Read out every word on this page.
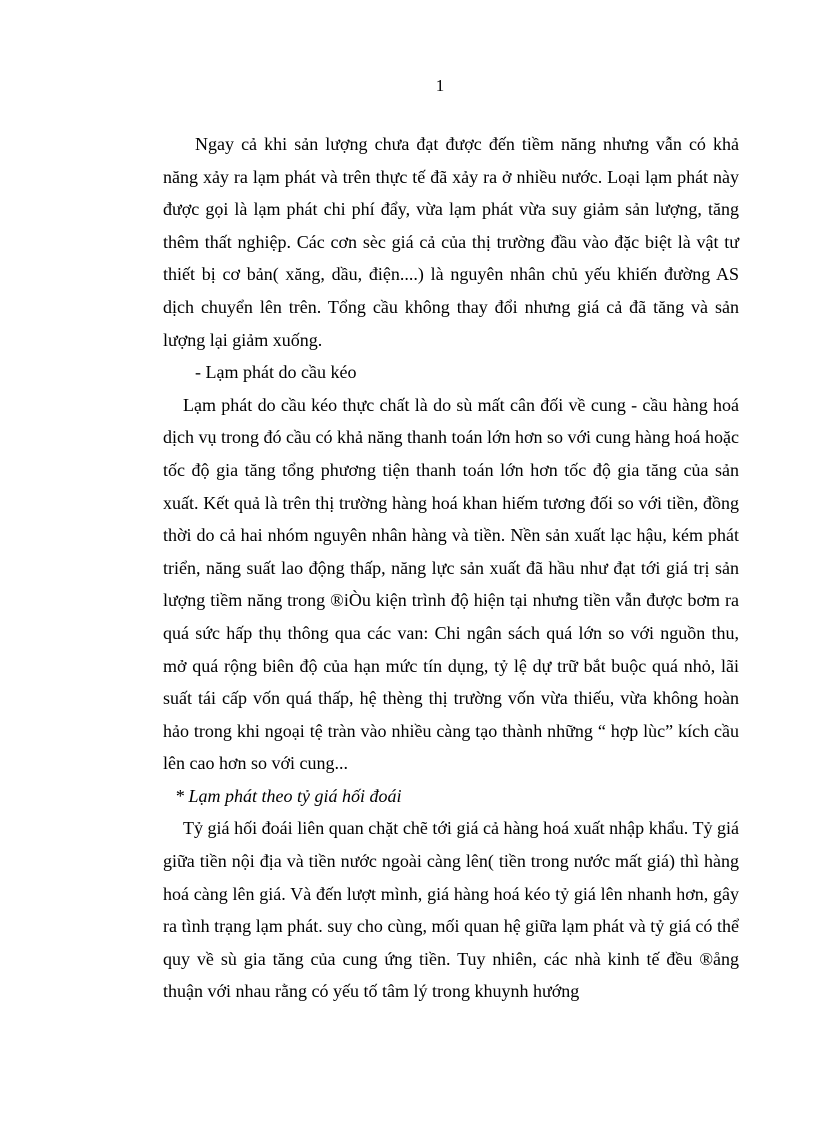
1

Ngay cả khi sản lượng chưa đạt được đến tiềm năng nhưng vẫn có khả năng xảy ra lạm phát và trên thực tế đã xảy ra ở nhiều nước. Loại lạm phát này được gọi là lạm phát chi phí đẩy, vừa lạm phát vừa suy giảm sản lượng, tăng thêm thất nghiệp. Các cơn sèc giá cả của thị trường đầu vào đặc biệt là vật tư thiết bị cơ bản( xăng, dầu, điện....) là nguyên nhân chủ yếu khiến đường AS dịch chuyển lên trên. Tổng cầu không thay đổi nhưng giá cả đã tăng và sản lượng lại giảm xuống.

- Lạm phát do cầu kéo

Lạm phát do cầu kéo thực chất là do sù mất cân đối về cung - cầu hàng hoá dịch vụ trong đó cầu có khả năng thanh toán lớn hơn so với cung hàng hoá hoặc tốc độ gia tăng tổng phương tiện thanh toán lớn hơn tốc độ gia tăng của sản xuất. Kết quả là trên thị trường hàng hoá khan hiếm tương đối so với tiền, đồng thời do cả hai nhóm nguyên nhân hàng và tiền. Nền sản xuất lạc hậu, kém phát triển, năng suất lao động thấp, năng lực sản xuất đã hầu như đạt tới giá trị sản lượng tiềm năng trong ®iÒu kiện trình độ hiện tại nhưng tiền vẫn được bơm ra quá sức hấp thụ thông qua các van: Chi ngân sách quá lớn so với nguồn thu, mở quá rộng biên độ của hạn mức tín dụng, tỷ lệ dự trữ bắt buộc quá nhỏ, lãi suất tái cấp vốn quá thấp, hệ thèng thị trường vốn vừa thiếu, vừa không hoàn hảo trong khi ngoại tệ tràn vào nhiều càng tạo thành những “ hợp lùc” kích cầu lên cao hơn so với cung...

* Lạm phát theo tỷ giá hối đoái

Tỷ giá hối đoái liên quan chặt chẽ tới giá cả hàng hoá xuất nhập khẩu. Tỷ giá giữa tiền nội địa và tiền nước ngoài càng lên( tiền trong nước mất giá) thì hàng hoá càng lên giá. Và đến lượt mình, giá hàng hoá kéo tỷ giá lên nhanh hơn, gây ra tình trạng lạm phát. suy cho cùng, mối quan hệ giữa lạm phát và tỷ giá có thể quy về sù gia tăng của cung ứng tiền. Tuy nhiên, các nhà kinh tế đều ®ång thuận với nhau rằng có yếu tố tâm lý trong khuynh hướng
